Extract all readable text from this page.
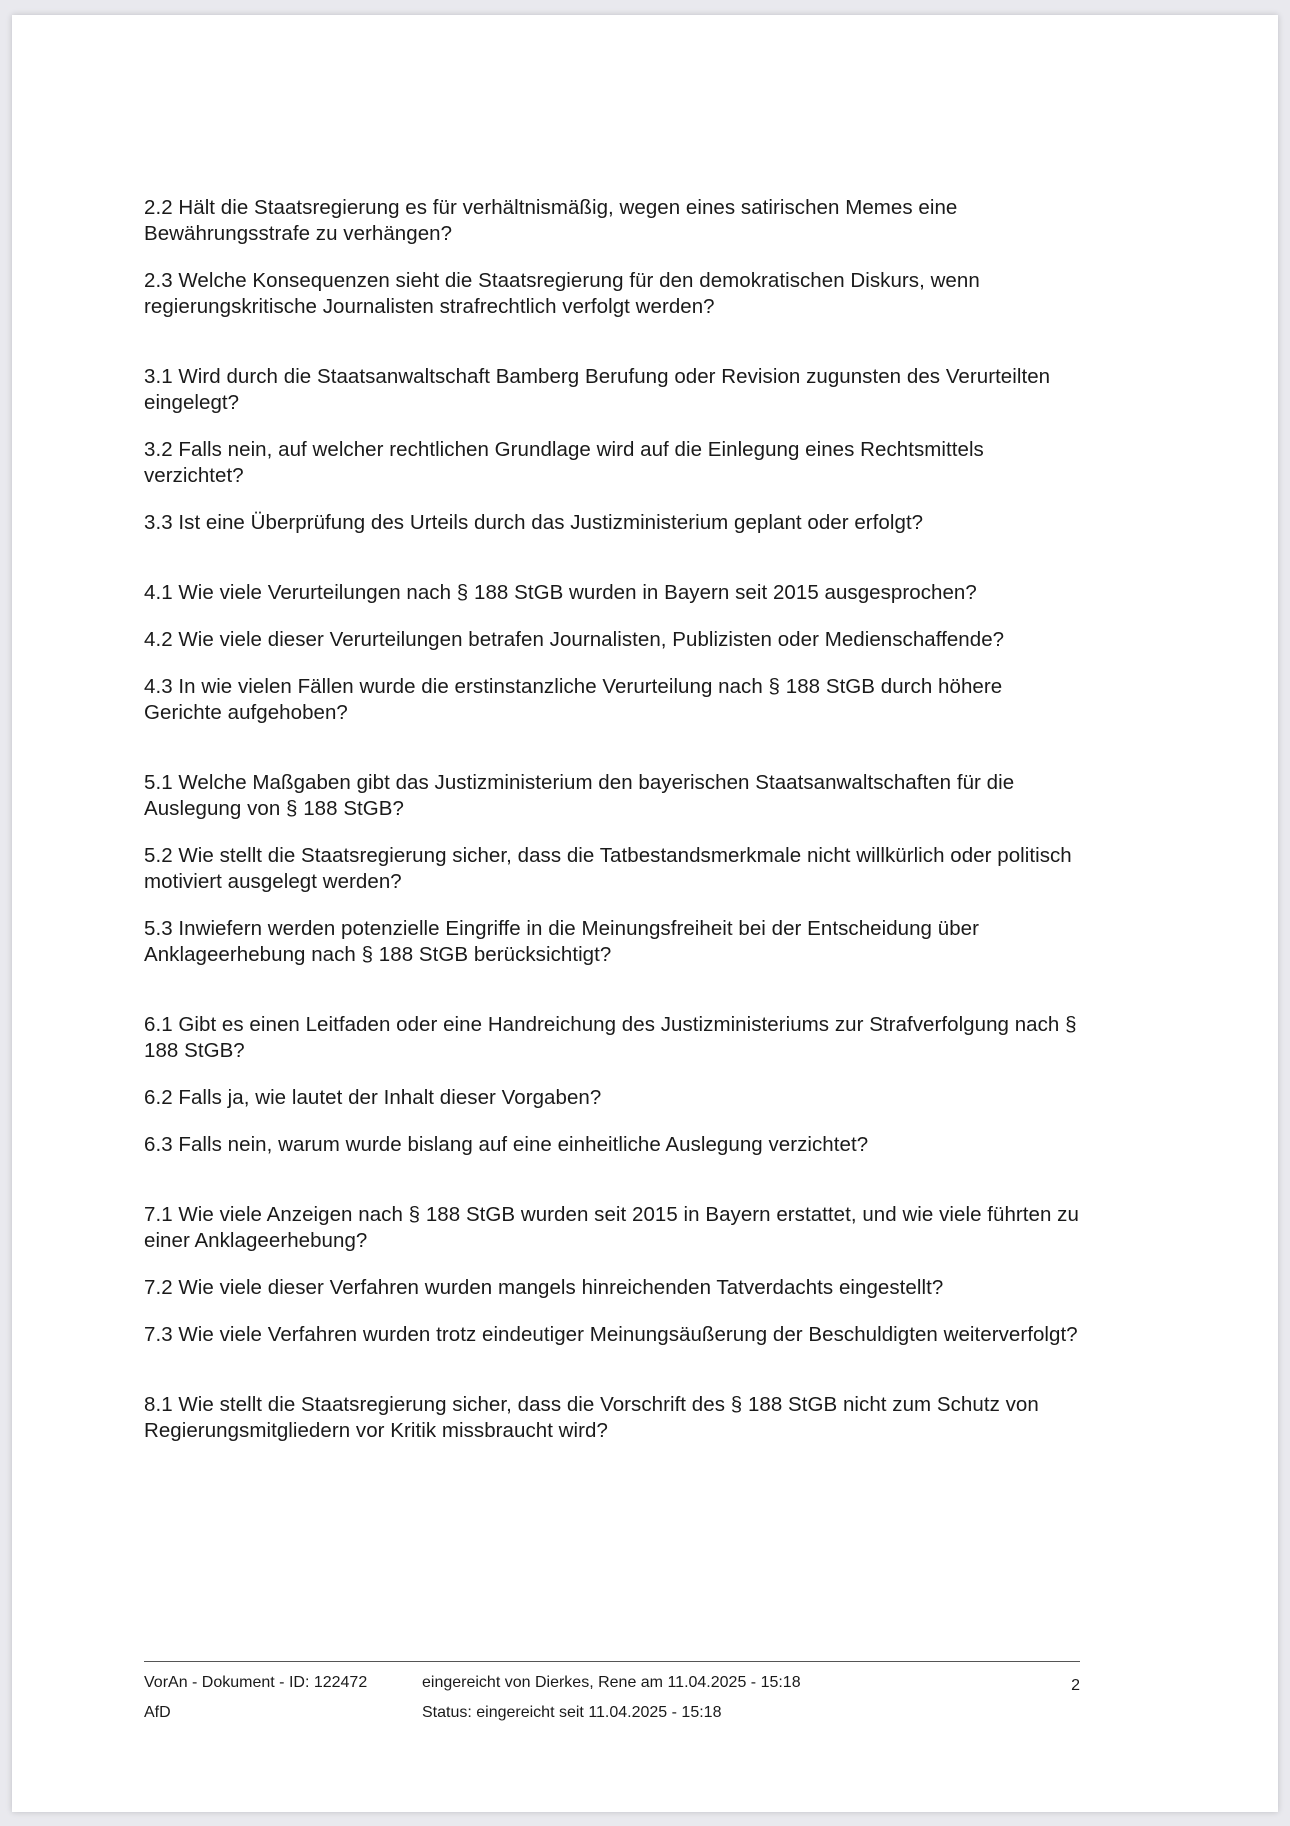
2.2 Hält die Staatsregierung es für verhältnismäßig, wegen eines satirischen Memes eine Bewährungsstrafe zu verhängen?

2.3 Welche Konsequenzen sieht die Staatsregierung für den demokratischen Diskurs, wenn regierungskritische Journalisten strafrechtlich verfolgt werden?

3.1 Wird durch die Staatsanwaltschaft Bamberg Berufung oder Revision zugunsten des Verurteilten eingelegt?

3.2 Falls nein, auf welcher rechtlichen Grundlage wird auf die Einlegung eines Rechtsmittels verzichtet?

3.3 Ist eine Überprüfung des Urteils durch das Justizministerium geplant oder erfolgt?

4.1 Wie viele Verurteilungen nach § 188 StGB wurden in Bayern seit 2015 ausgesprochen?

4.2 Wie viele dieser Verurteilungen betrafen Journalisten, Publizisten oder Medienschaffende?

4.3 In wie vielen Fällen wurde die erstinstanzliche Verurteilung nach § 188 StGB durch höhere Gerichte aufgehoben?

5.1 Welche Maßgaben gibt das Justizministerium den bayerischen Staatsanwaltschaften für die Auslegung von § 188 StGB?

5.2 Wie stellt die Staatsregierung sicher, dass die Tatbestandsmerkmale nicht willkürlich oder politisch motiviert ausgelegt werden?

5.3 Inwiefern werden potenzielle Eingriffe in die Meinungsfreiheit bei der Entscheidung über Anklageerhebung nach § 188 StGB berücksichtigt?

6.1 Gibt es einen Leitfaden oder eine Handreichung des Justizministeriums zur Strafverfolgung nach § 188 StGB?

6.2 Falls ja, wie lautet der Inhalt dieser Vorgaben?

6.3 Falls nein, warum wurde bislang auf eine einheitliche Auslegung verzichtet?

7.1 Wie viele Anzeigen nach § 188 StGB wurden seit 2015 in Bayern erstattet, und wie viele führten zu einer Anklageerhebung?

7.2 Wie viele dieser Verfahren wurden mangels hinreichenden Tatverdachts eingestellt?

7.3 Wie viele Verfahren wurden trotz eindeutiger Meinungsäußerung der Beschuldigten weiterverfolgt?

8.1 Wie stellt die Staatsregierung sicher, dass die Vorschrift des § 188 StGB nicht zum Schutz von Regierungsmitgliedern vor Kritik missbraucht wird?

VorAn - Dokument - ID: 122472	eingereicht von Dierkes, Rene am 11.04.2025 - 15:18
AfD	Status: eingereicht seit 11.04.2025 - 15:18
2
